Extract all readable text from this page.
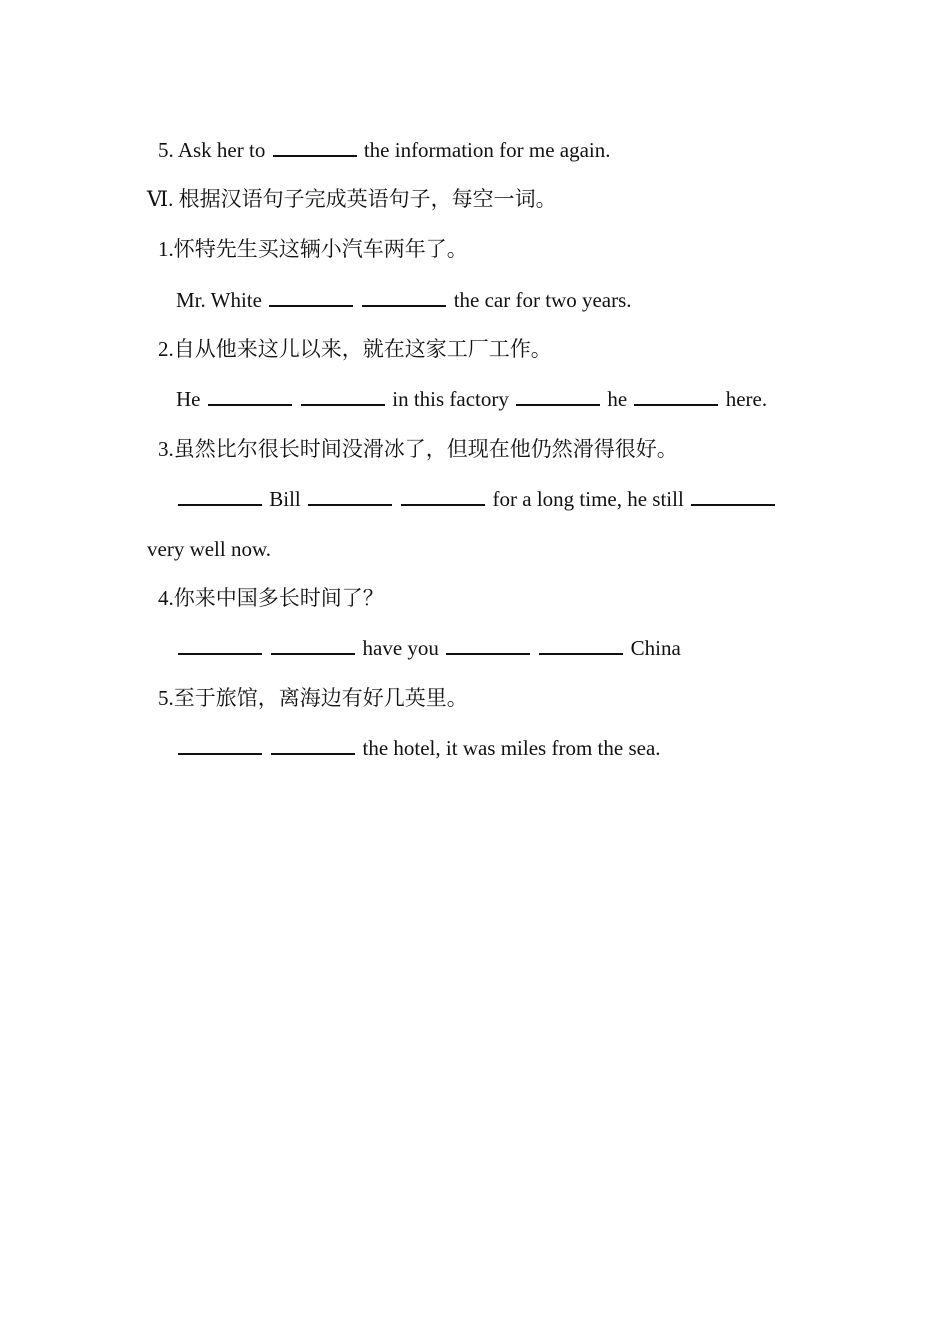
5. Ask her to	the information for me again.
Ⅵ. 根据汉语句子完成英语句子，每空一词。
1.怀特先生买这辆小汽车两年了。
Mr. White	the car for two years.
2.自从他来这儿以来，就在这家工厂工作。
He	in this factory	he	here.
3.虽然比尔很长时间没滑冰了，但现在他仍然滑得很好。
Bill	for a long time, he still
very well now.
4.你来中国多长时间了？
have you	China
5.至于旅馆，离海边有好几英里。
the hotel, it was miles from the sea.
